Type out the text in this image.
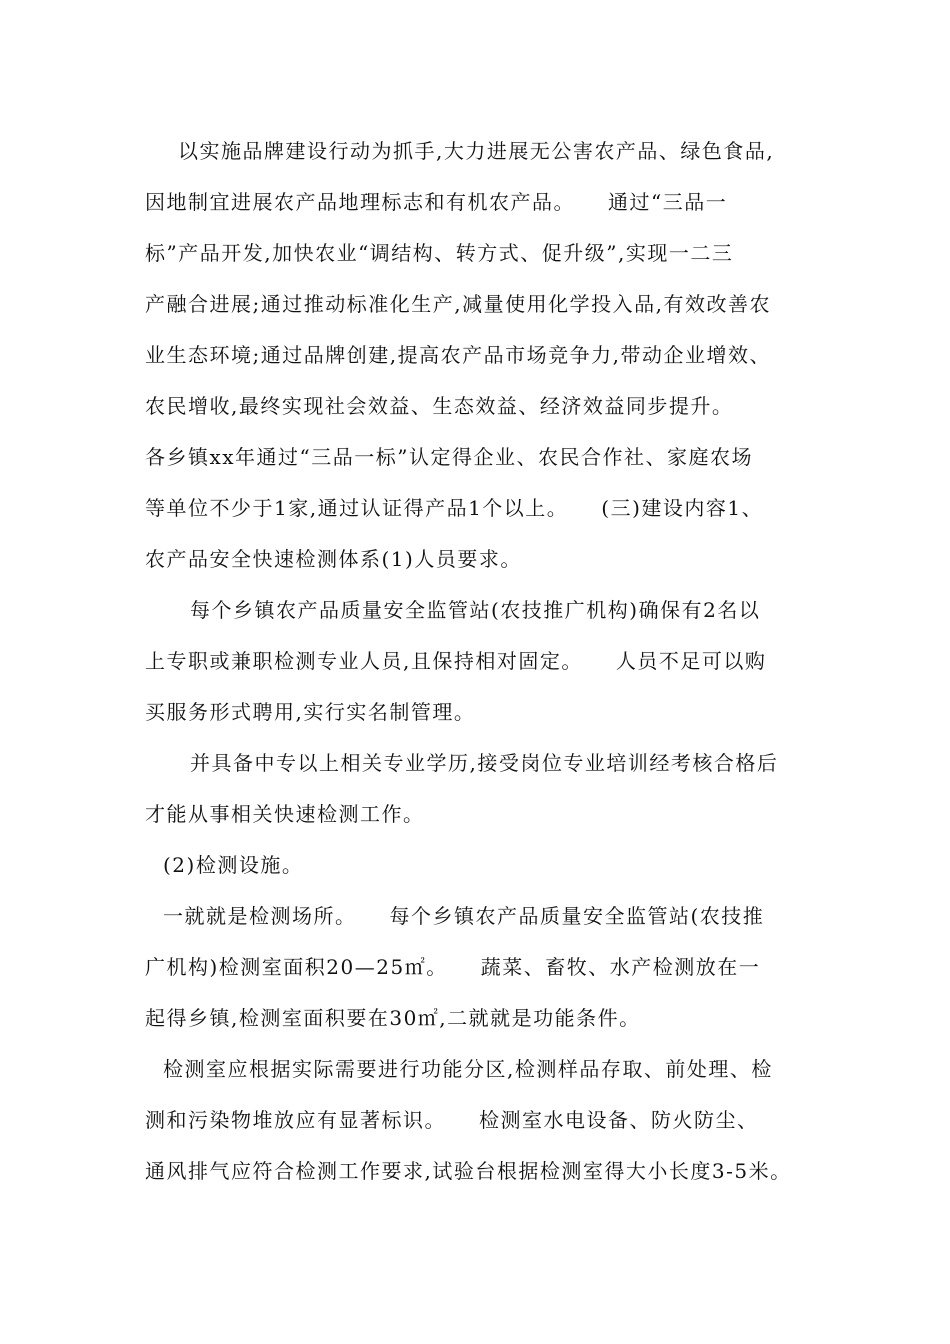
以实施品牌建设行动为抓手,大力进展无公害农产品、绿色食品,
因地制宜进展农产品地理标志和有机农产品。　　通过“三品一
标”产品开发,加快农业“调结构、转方式、促升级”,实现一二三
产融合进展;通过推动标准化生产,减量使用化学投入品,有效改善农
业生态环境;通过品牌创建,提高农产品市场竞争力,带动企业增效、
农民增收,最终实现社会效益、生态效益、经济效益同步提升。
各乡镇xx年通过“三品一标”认定得企业、农民合作社、家庭农场
等单位不少于1家,通过认证得产品1个以上。　　(三)建设内容1、
农产品安全快速检测体系(1)人员要求。
每个乡镇农产品质量安全监管站(农技推广机构)确保有2名以
上专职或兼职检测专业人员,且保持相对固定。　　人员不足可以购
买服务形式聘用,实行实名制管理。
并具备中专以上相关专业学历,接受岗位专业培训经考核合格后
才能从事相关快速检测工作。
(2)检测设施。
一就就是检测场所。　　每个乡镇农产品质量安全监管站(农技推
广机构)检测室面积20—25㎡。　　蔬菜、畜牧、水产检测放在一
起得乡镇,检测室面积要在30㎡,二就就是功能条件。
检测室应根据实际需要进行功能分区,检测样品存取、前处理、检
测和污染物堆放应有显著标识。　　检测室水电设备、防火防尘、
通风排气应符合检测工作要求,试验台根据检测室得大小长度3-5米。
